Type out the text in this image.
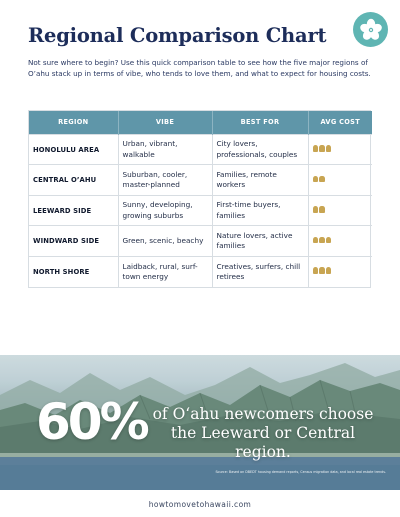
Regional Comparison Chart

Not sure where to begin? Use this quick comparison table to see how the five major regions of O’ahu stack up in terms of vibe, who tends to love them, and what to expect for housing costs.

REGION	VIBE	BEST FOR	AVG COST
HONOLULU AREA	Urban, vibrant, walkable	City lovers, professionals, couples	

CENTRAL O’AHU	Suburban, cooler, master-planned	Families, remote workers	

LEEWARD SIDE	Sunny, developing, growing suburbs	First-time buyers, families	

WINDWARD SIDE	Green, scenic, beachy	Nature lovers, active families	

NORTH SHORE	Laidback, rural, surf-town energy	Creatives, surfers, chill retirees	
60% of O‘ahu newcomers choose the Leeward or Central region.
Source: Based on DBEDT housing demand reports, Census migration data, and local real estate trends.
howtomovetohawaii.com
